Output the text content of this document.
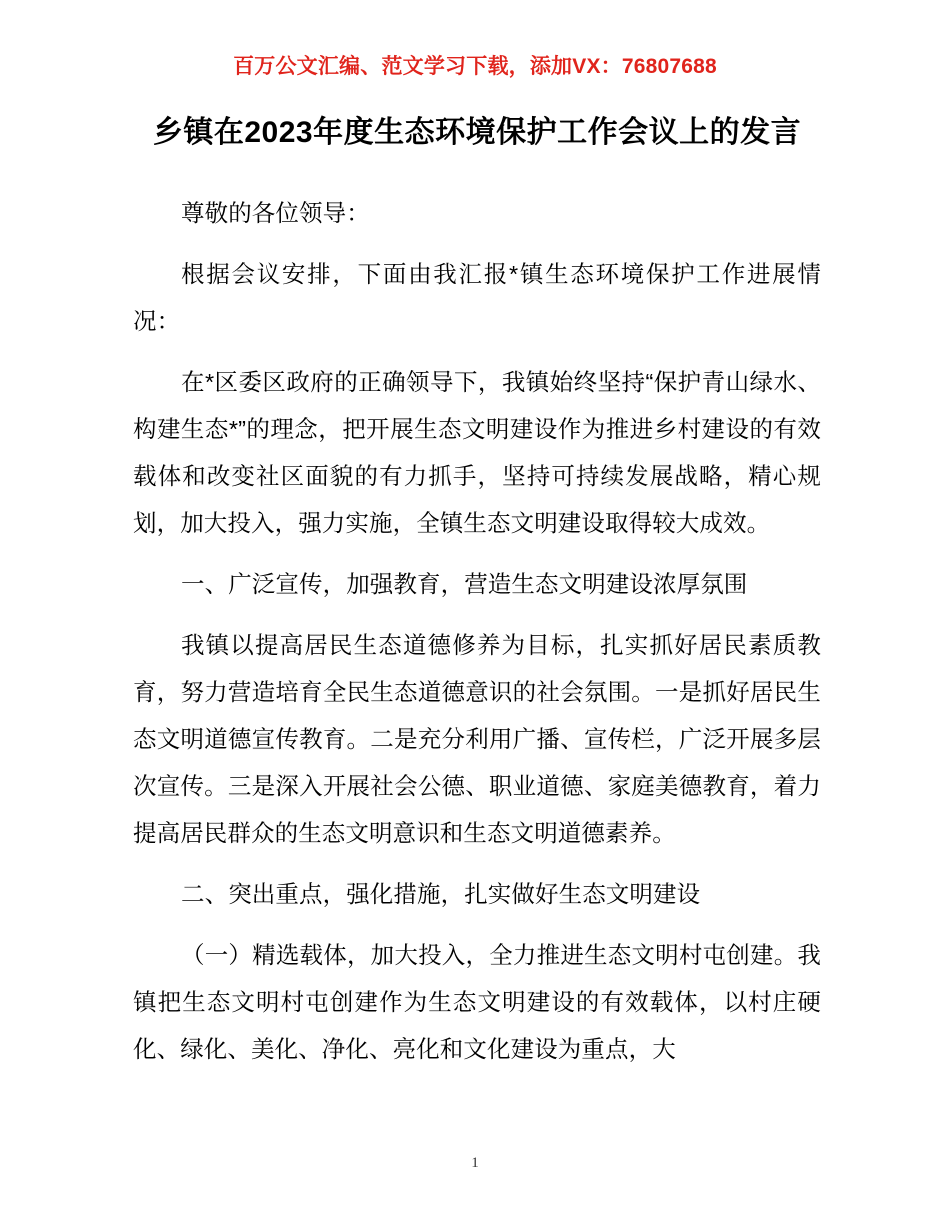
百万公文汇编、范文学习下载，添加VX：76807688
乡镇在2023年度生态环境保护工作会议上的发言

尊敬的各位领导：

根据会议安排，下面由我汇报*镇生态环境保护工作进展情况：

在*区委区政府的正确领导下，我镇始终坚持“保护青山绿水、构建生态*”的理念，把开展生态文明建设作为推进乡村建设的有效载体和改变社区面貌的有力抓手，坚持可持续发展战略，精心规划，加大投入，强力实施，全镇生态文明建设取得较大成效。

一、广泛宣传，加强教育，营造生态文明建设浓厚氛围

我镇以提高居民生态道德修养为目标，扎实抓好居民素质教育，努力营造培育全民生态道德意识的社会氛围。一是抓好居民生态文明道德宣传教育。二是充分利用广播、宣传栏，广泛开展多层次宣传。三是深入开展社会公德、职业道德、家庭美德教育，着力提高居民群众的生态文明意识和生态文明道德素养。

二、突出重点，强化措施，扎实做好生态文明建设

（一）精选载体，加大投入，全力推进生态文明村屯创建。我镇把生态文明村屯创建作为生态文明建设的有效载体，以村庄硬化、绿化、美化、净化、亮化和文化建设为重点，大

1
